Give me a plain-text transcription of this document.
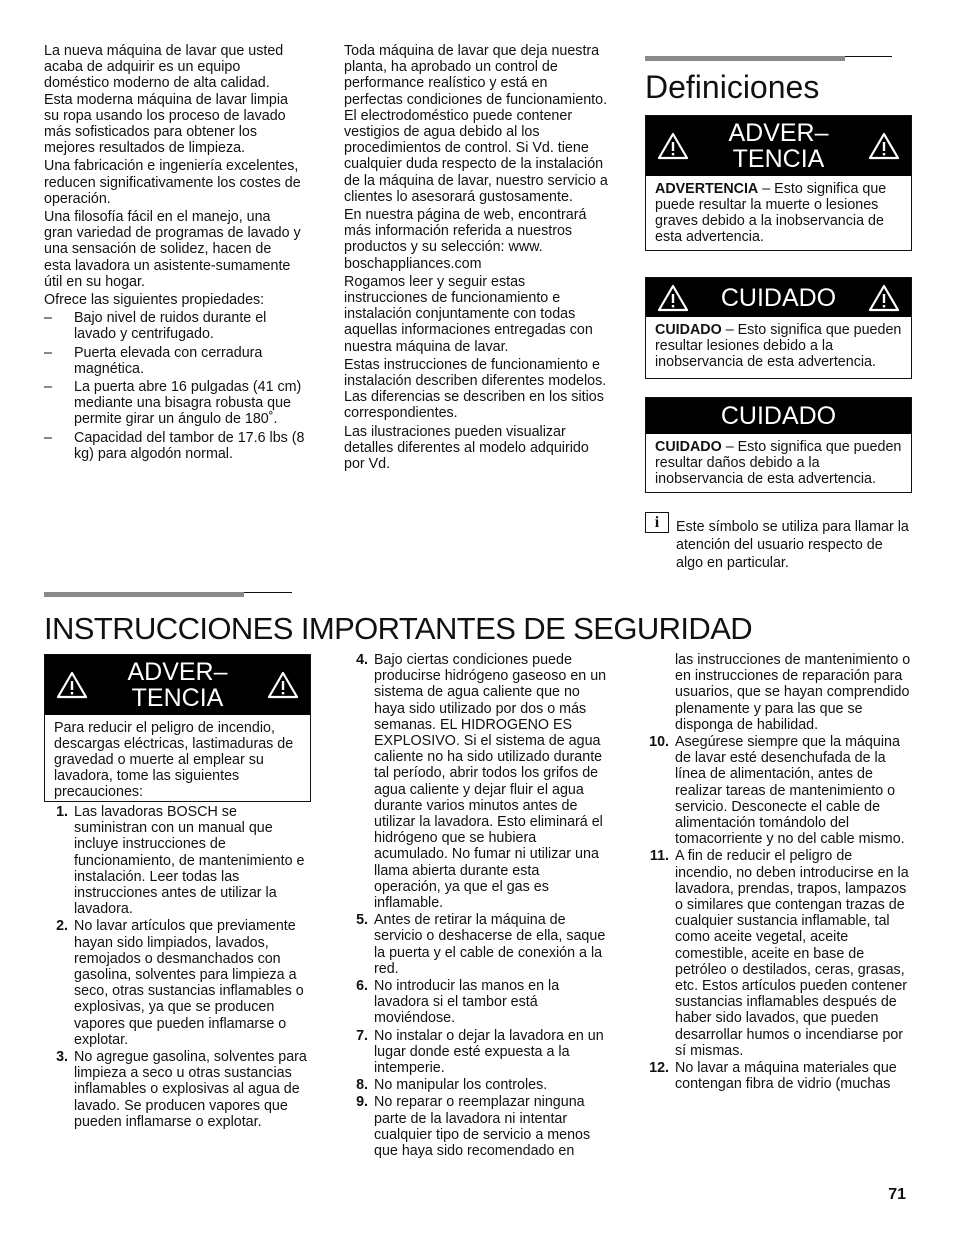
La nueva máquina de lavar que usted acaba de adquirir es un equipo doméstico moderno de alta calidad. Esta moderna máquina de lavar limpia su ropa usando los proceso de lavado más sofisticados para obtener los mejores resultados de limpieza.

Una fabricación e ingeniería excelentes, reducen significativamente los costes de operación.

Una filosofía fácil en el manejo, una gran variedad de programas de lavado y una sensación de solidez, hacen de esta lavadora un asistente-sumamente útil en su hogar.

Ofrece las siguientes propiedades:

–	Bajo nivel de ruidos durante el lavado y centrifugado.
–	Puerta elevada con cerradura magnética.
–	La puerta abre 16 pulgadas (41 cm) mediante una bisagra robusta que permite girar un ángulo de 180˚.
–	Capacidad del tambor de 17.6 lbs (8 kg) para algodón normal.

Toda máquina de lavar que deja nuestra planta, ha aprobado un control de performance realístico y está en perfectas condiciones de funcionamiento.

El electrodoméstico puede contener vestigios de agua debido al los procedimientos de control. Si Vd. tiene cualquier duda respecto de la instalación de la máquina de lavar, nuestro servicio a clientes lo asesorará gustosamente.

En nuestra página de web, encontrará más información referida a nuestros productos y su selección: www. boschappliances.com

Rogamos leer y seguir estas instrucciones de funcionamiento e instalación conjuntamente con todas aquellas informaciones entregadas con nuestra máquina de lavar.

Estas instrucciones de funcionamiento e instalación describen diferentes modelos. Las diferencias se describen en los sitios correspondientes.

Las ilustraciones pueden visualizar detalles diferentes al modelo adquirido por Vd.

Definiciones
ADVER–
TENCIA
ADVERTENCIA – Esto significa que puede resultar la muerte o lesiones graves debido a la inobservancia de esta advertencia.
CUIDADO
CUIDADO – Esto significa que pueden resultar lesiones debido a la inobservancia de esta advertencia.
CUIDADO
CUIDADO – Esto significa que pueden resultar daños debido a la inobservancia de esta advertencia.
i	Este símbolo se utiliza para llamar la atención del usuario respecto de algo en particular.

INSTRUCCIONES IMPORTANTES DE SEGURIDAD
ADVER–
TENCIA
Para reducir el peligro de incendio, descargas eléctricas, lastimaduras de gravedad o muerte al emplear su lavadora, tome las siguientes precauciones:
1. Las lavadoras BOSCH se suministran con un manual que incluye instrucciones de funcionamiento, de mantenimiento e instalación. Leer todas las instrucciones antes de utilizar la lavadora.
2. No lavar artículos que previamente hayan sido limpiados, lavados, remojados o desmanchados con gasolina, solventes para limpieza a seco, otras sustancias inflamables o explosivas, ya que se producen vapores que pueden inflamarse o explotar.
3. No agregue gasolina, solventes para limpieza a seco u otras sustancias inflamables o explosivas al agua de lavado. Se producen vapores que pueden inflamarse o explotar.
4. Bajo ciertas condiciones puede producirse hidrógeno gaseoso en un sistema de agua caliente que no haya sido utilizado por dos o más semanas. EL HIDROGENO ES EXPLOSIVO. Si el sistema de agua caliente no ha sido utilizado durante tal período, abrir todos los grifos de agua caliente y dejar fluir el agua durante varios minutos antes de utilizar la lavadora. Esto eliminará el hidrógeno que se hubiera acumulado. No fumar ni utilizar una llama abierta durante esta operación, ya que el gas es inflamable.
5. Antes de retirar la máquina de servicio o deshacerse de ella, saque la puerta y el cable de conexión a la red.
6. No introducir las manos en la lavadora si el tambor está moviéndose.
7. No instalar o dejar la lavadora en un lugar donde esté expuesta a la intemperie.
8. No manipular los controles.
9. No reparar o reemplazar ninguna parte de la lavadora ni intentar cualquier tipo de servicio a menos que haya sido recomendado en
las instrucciones de mantenimiento o en instrucciones de reparación para usuarios, que se hayan comprendido plenamente y para las que se disponga de habilidad.
10. Asegúrese siempre que la máquina de lavar esté desenchufada de la línea de alimentación, antes de realizar tareas de mantenimiento o servicio. Desconecte el cable de alimentación tomándolo del tomacorriente y no del cable mismo.
11. A fin de reducir el peligro de incendio, no deben introducirse en la lavadora, prendas, trapos, lampazos o similares que contengan trazas de cualquier sustancia inflamable, tal como aceite vegetal, aceite comestible, aceite en base de petróleo o destilados, ceras, grasas, etc. Estos artículos pueden contener sustancias inflamables después de haber sido lavados, que pueden desarrollar humos o incendiarse por sí mismas.
12. No lavar a máquina materiales que contengan fibra de vidrio (muchas
71
